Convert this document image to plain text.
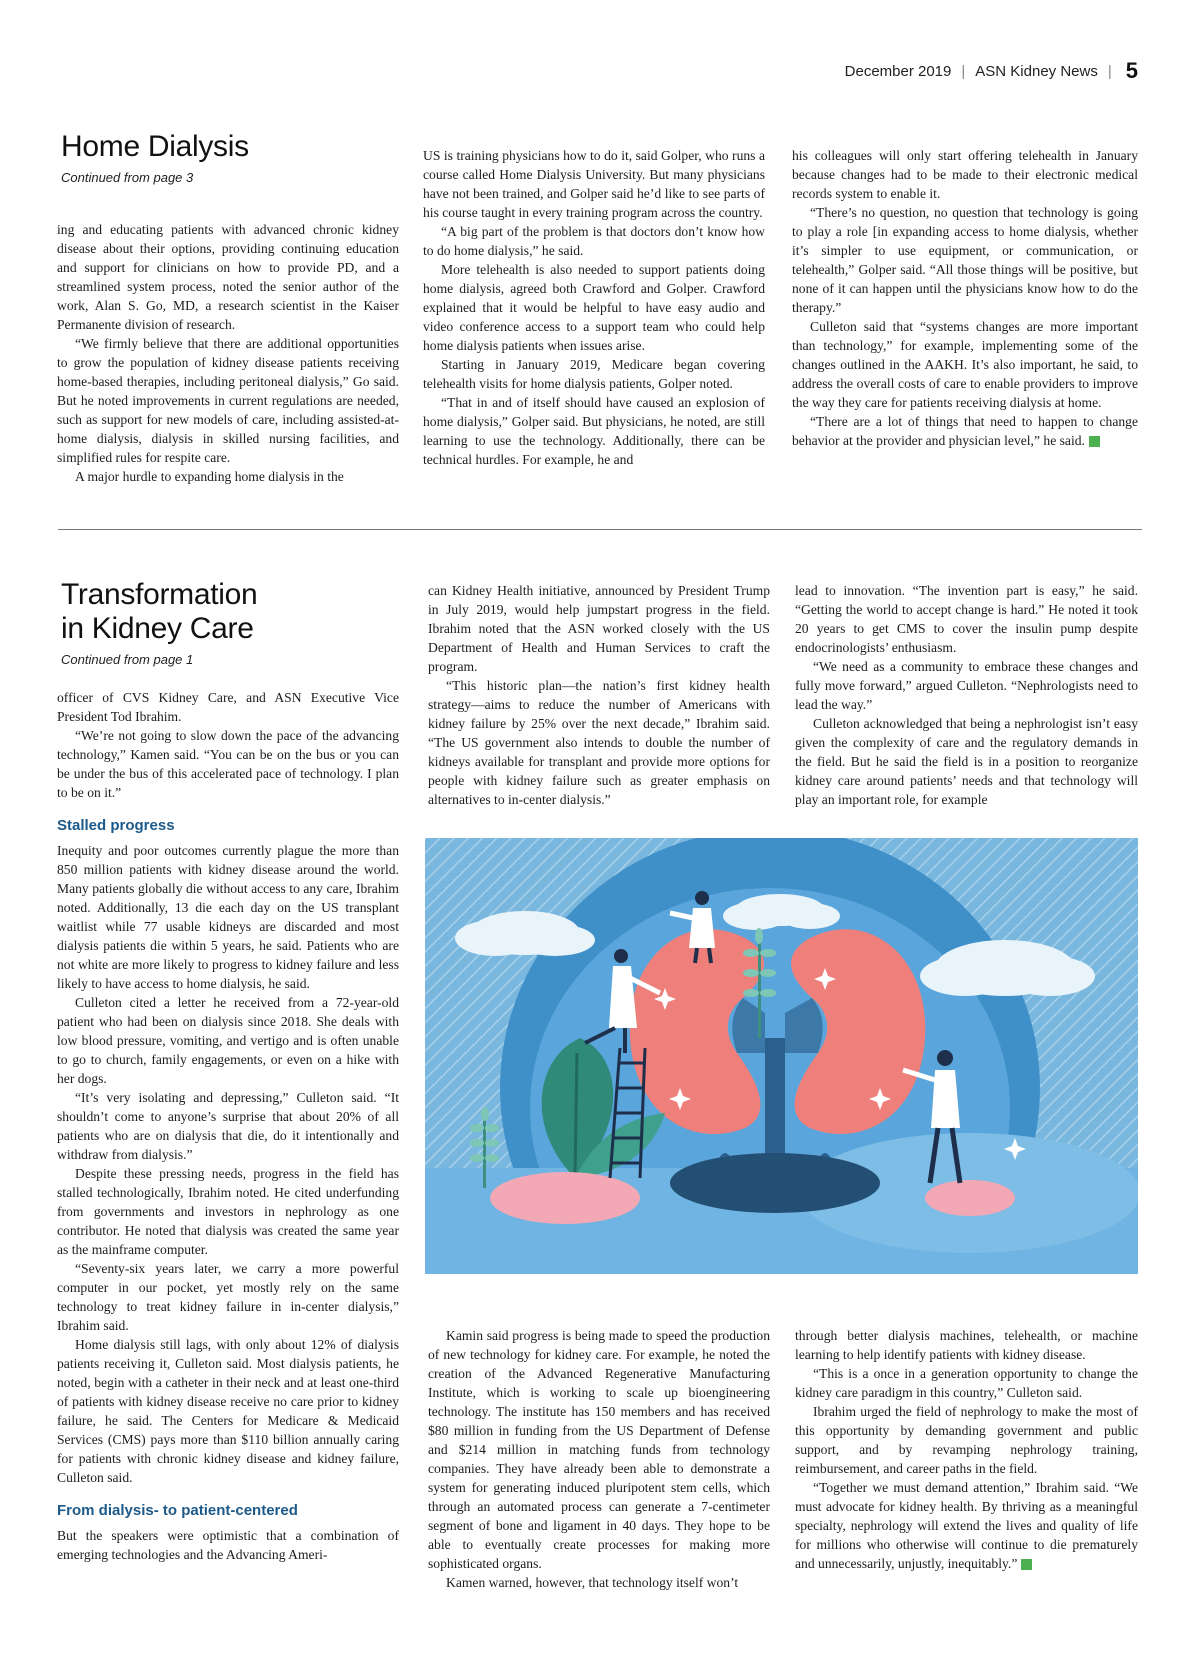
December 2019 | ASN Kidney News | 5
Home Dialysis
Continued from page 3

ing and educating patients with advanced chronic kidney disease about their options, providing continuing education and support for clinicians on how to provide PD, and a streamlined system process, noted the senior author of the work, Alan S. Go, MD, a research scientist in the Kaiser Permanente division of research.

“We firmly believe that there are additional opportunities to grow the population of kidney disease patients receiving home-based therapies, including peritoneal dialysis,” Go said. But he noted improvements in current regulations are needed, such as support for new models of care, including assisted-at-home dialysis, dialysis in skilled nursing facilities, and simplified rules for respite care.

A major hurdle to expanding home dialysis in the

US is training physicians how to do it, said Golper, who runs a course called Home Dialysis University. But many physicians have not been trained, and Golper said he’d like to see parts of his course taught in every training program across the country.

“A big part of the problem is that doctors don’t know how to do home dialysis,” he said.

More telehealth is also needed to support patients doing home dialysis, agreed both Crawford and Golper. Crawford explained that it would be helpful to have easy audio and video conference access to a support team who could help home dialysis patients when issues arise.

Starting in January 2019, Medicare began covering telehealth visits for home dialysis patients, Golper noted.

“That in and of itself should have caused an explosion of home dialysis,” Golper said. But physicians, he noted, are still learning to use the technology. Additionally, there can be technical hurdles. For example, he and

his colleagues will only start offering telehealth in January because changes had to be made to their electronic medical records system to enable it.

“There’s no question, no question that technology is going to play a role [in expanding access to home dialysis, whether it’s simpler to use equipment, or communication, or telehealth,” Golper said. “All those things will be positive, but none of it can happen until the physicians know how to do the therapy.”

Culleton said that “systems changes are more important than technology,” for example, implementing some of the changes outlined in the AAKH. It’s also important, he said, to address the overall costs of care to enable providers to improve the way they care for patients receiving dialysis at home.

“There are a lot of things that need to happen to change behavior at the provider and physician level,” he said.

Transformation
in Kidney Care
Continued from page 1

officer of CVS Kidney Care, and ASN Executive Vice President Tod Ibrahim.

“We’re not going to slow down the pace of the advancing technology,” Kamen said. “You can be on the bus or you can be under the bus of this accelerated pace of technology. I plan to be on it.”

Stalled progress

Inequity and poor outcomes currently plague the more than 850 million patients with kidney disease around the world. Many patients globally die without access to any care, Ibrahim noted. Additionally, 13 die each day on the US transplant waitlist while 77 usable kidneys are discarded and most dialysis patients die within 5 years, he said. Patients who are not white are more likely to progress to kidney failure and less likely to have access to home dialysis, he said.

Culleton cited a letter he received from a 72-year-old patient who had been on dialysis since 2018. She deals with low blood pressure, vomiting, and vertigo and is often unable to go to church, family engagements, or even on a hike with her dogs.

“It’s very isolating and depressing,” Culleton said. “It shouldn’t come to anyone’s surprise that about 20% of all patients who are on dialysis that die, do it intentionally and withdraw from dialysis.”

Despite these pressing needs, progress in the field has stalled technologically, Ibrahim noted. He cited underfunding from governments and investors in nephrology as one contributor. He noted that dialysis was created the same year as the mainframe computer.

“Seventy-six years later, we carry a more powerful computer in our pocket, yet mostly rely on the same technology to treat kidney failure in in-center dialysis,” Ibrahim said.

Home dialysis still lags, with only about 12% of dialysis patients receiving it, Culleton said. Most dialysis patients, he noted, begin with a catheter in their neck and at least one-third of patients with kidney disease receive no care prior to kidney failure, he said. The Centers for Medicare & Medicaid Services (CMS) pays more than $110 billion annually caring for patients with chronic kidney disease and kidney failure, Culleton said.

From dialysis- to patient-centered

But the speakers were optimistic that a combination of emerging technologies and the Advancing Ameri-

can Kidney Health initiative, announced by President Trump in July 2019, would help jumpstart progress in the field. Ibrahim noted that the ASN worked closely with the US Department of Health and Human Services to craft the program.

“This historic plan—the nation’s first kidney health strategy—aims to reduce the number of Americans with kidney failure by 25% over the next decade,” Ibrahim said. “The US government also intends to double the number of kidneys available for transplant and provide more options for people with kidney failure such as greater emphasis on alternatives to in-center dialysis.”

lead to innovation. “The invention part is easy,” he said. “Getting the world to accept change is hard.” He noted it took 20 years to get CMS to cover the insulin pump despite endocrinologists’ enthusiasm.

“We need as a community to embrace these changes and fully move forward,” argued Culleton. “Nephrologists need to lead the way.”

Culleton acknowledged that being a nephrologist isn’t easy given the complexity of care and the regulatory demands in the field. But he said the field is in a position to reorganize kidney care around patients’ needs and that technology will play an important role, for example

Kamin said progress is being made to speed the production of new technology for kidney care. For example, he noted the creation of the Advanced Regenerative Manufacturing Institute, which is working to scale up bioengineering technology. The institute has 150 members and has received $80 million in funding from the US Department of Defense and $214 million in matching funds from technology companies. They have already been able to demonstrate a system for generating induced pluripotent stem cells, which through an automated process can generate a 7-centimeter segment of bone and ligament in 40 days. They hope to be able to eventually create processes for making more sophisticated organs.

Kamen warned, however, that technology itself won’t

through better dialysis machines, telehealth, or machine learning to help identify patients with kidney disease.

“This is a once in a generation opportunity to change the kidney care paradigm in this country,” Culleton said.

Ibrahim urged the field of nephrology to make the most of this opportunity by demanding government and public support, and by revamping nephrology training, reimbursement, and career paths in the field.

“Together we must demand attention,” Ibrahim said. “We must advocate for kidney health. By thriving as a meaningful specialty, nephrology will extend the lives and quality of life for millions who otherwise will continue to die prematurely and unnecessarily, unjustly, inequitably.”
